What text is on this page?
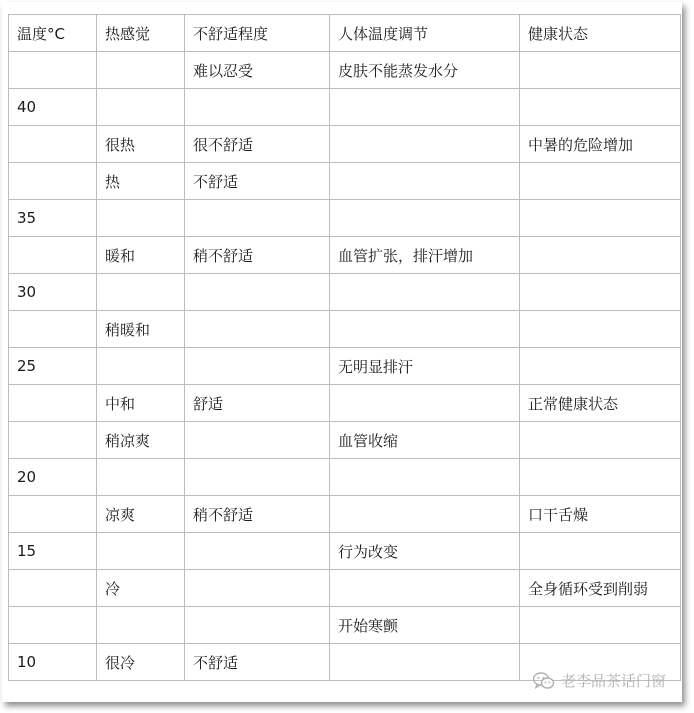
温度°C	热感觉	不舒适程度	人体温度调节	健康状态
		难以忍受	皮肤不能蒸发水分	
40				
	很热	很不舒适		中暑的危险增加
	热	不舒适		
35				
	暖和	稍不舒适	血管扩张，排汗增加	
30				
	稍暖和			
25			无明显排汗	
	中和	舒适		正常健康状态
	稍凉爽		血管收缩	
20				
	凉爽	稍不舒适		口干舌燥
15			行为改变	
	冷			全身循环受到削弱
			开始寒颤	
10	很冷	不舒适		
老李品茶话门窗
